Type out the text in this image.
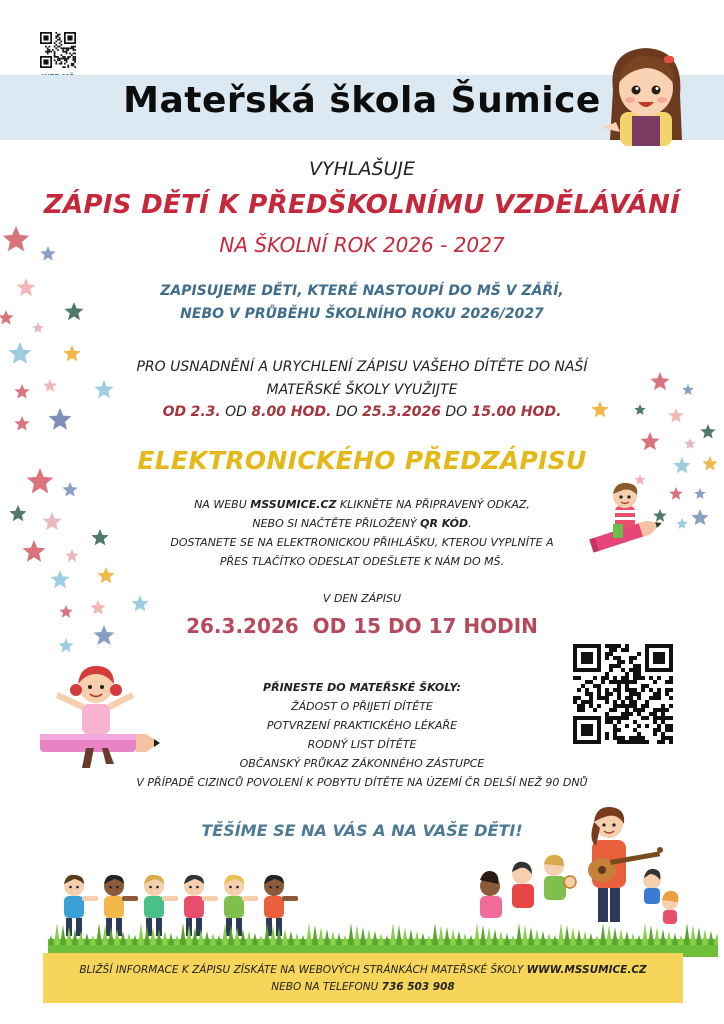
Mateřská škola Šumice
VYHLAŠUJE
ZÁPIS DĚTÍ K PŘEDŠKOLNÍMU VZDĚLÁVÁNÍ
NA ŠKOLNÍ ROK 2026 - 2027
ZAPISUJEME DĚTI, KTERÉ NASTOUPÍ DO MŠ V ZÁŘÍ,
NEBO V PRŮBĚHU ŠKOLNÍHO ROKU 2026/2027
PRO USNADNĚNÍ A URYCHLENÍ ZÁPISU VAŠEHO DÍTĚTE DO NAŠÍ
MATEŘSKÉ ŠKOLY VYUŽIJTE
OD 2.3. OD 8.00 HOD. DO 25.3.2026 DO 15.00 HOD.
ELEKTRONICKÉHO PŘEDZÁPISU
NA WEBU MSSUMICE.CZ KLIKNĚTE NA PŘIPRAVENÝ ODKAZ,
NEBO SI NAČTĚTE PŘILOŽENÝ QR KÓD.
DOSTANETE SE NA ELEKTRONICKOU PŘIHLÁŠKU, KTEROU VYPLNÍTE A
PŘES TLAČÍTKO ODESLAT ODEŠLETE K NÁM DO MŠ.
V DEN ZÁPISU
26.3.2026 OD 15 DO 17 HODIN
PŘINESTE DO MATEŘSKÉ ŠKOLY:
ŽÁDOST O PŘIJETÍ DÍTĚTE
POTVRZENÍ PRAKTICKÉHO LÉKAŘE
RODNÝ LIST DÍTĚTE
OBČANSKÝ PRŮKAZ ZÁKONNÉHO ZÁSTUPCE
V PŘÍPADĚ CIZINCŮ POVOLENÍ K POBYTU DÍTĚTE NA ÚZEMÍ ČR DELŠÍ NEŽ 90 DNŮ
TĚŠÍME SE NA VÁS A NA VAŠE DĚTI!
BLIŽŠÍ INFORMACE K ZÁPISU ZÍSKÁTE NA WEBOVÝCH STRÁNKÁCH MATEŘSKÉ ŠKOLY WWW.MSSUMICE.CZ
NEBO NA TELEFONU 736 503 908
